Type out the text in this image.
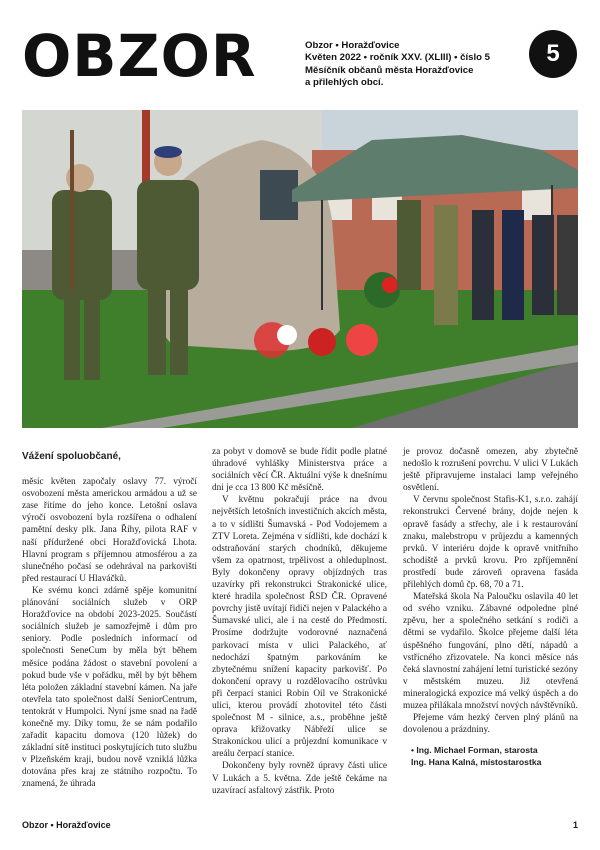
OBZOR	Obzor • Horažďovice
Květen 2022 • ročník XXV. (XLIII) • číslo 5
Měsíčník občanů města Horažďovice
a přilehlých obcí.
5

Vážení spoluobčané,

měsíc květen započaly oslavy 77. výročí osvobození města americkou armádou a už se zase řítíme do jeho konce. Letošní oslava výročí osvobození byla rozšířena o odhalení pamětní desky plk. Jana Říhy, pilota RAF v naší příduržené obci Horažďovická Lhota. Hlavní program s příjemnou atmosférou a za slunečného počasí se odehrával na parkovišti před restaurací U Hlaváčků.

Ke svému konci zdárně spěje komunitní plánování sociálních služeb v ORP Horažďovice na období 2023-2025. Součástí sociálních služeb je samozřejmě i dům pro seniory. Podle posledních informací od společnosti SeneCum by měla být během měsíce podána žádost o stavební povolení a pokud bude vše v pořádku, měl by být během léta položen základní stavební kámen. Na jaře otevřela tato společnost další SeniorCentrum, tentokrát v Humpolci. Nyní jsme snad na řadě konečně my. Díky tomu, že se nám podařilo zařadit kapacitu domova (120 lůžek) do základní sítě instituci poskytujících tuto službu v Plzeňském kraji, budou nově vzniklá lůžka dotována přes kraj ze státního rozpočtu. To znamená, že úhrada

za pobyt v domově se bude řídit podle platné úhradové vyhlášky Ministerstva práce a sociálních věcí ČR. Aktuální výše k dnešnímu dni je cca 13 800 Kč měsíčně.

V květnu pokračují práce na dvou největších letošních investičních akcích města, a to v sídlišti Šumavská - Pod Vodojemem a ZTV Loreta. Zejména v sídlišti, kde dochází k odstraňování starých chodníků, děkujeme všem za opatrnost, trpělivost a ohleduplnost. Byly dokončeny opravy objízdných tras uzavírky při rekonstrukci Strakonické ulice, které hradila společnost ŘSD ČR. Opravené povrchy jistě uvítají řidiči nejen v Palackého a Šumavské ulici, ale i na cestě do Předmostí. Prosíme dodržujte vodorovné naznačená parkovací místa v ulici Palackého, ať nedochází špatným parkováním ke zbytečnému snížení kapacity parkovišť. Po dokončení opravy u rozdělovacího ostrůvku při čerpací stanici Robin Oil ve Strakonické ulici, kterou provádí zhotovitel této části společnost M - silnice, a.s., proběhne ještě oprava křižovatky Nábřeží ulice se Strakonickou ulicí a průjezdní komunikace v areálu čerpací stanice.

Dokončeny byly rovněž úpravy části ulice V Lukách a 5. května. Zde ještě čekáme na uzavírací asfaltový zástřik. Proto

je provoz dočasně omezen, aby zbytečně nedošlo k rozrušení povrchu. V ulici V Lukách ještě připravujeme instalaci lamp veřejného osvětlení.

V červnu společnost Stafis-K1, s.r.o. zahájí rekonstrukci Červené brány, dojde nejen k opravě fasády a střechy, ale i k restaurování znaku, malebstropu v průjezdu a kamenných prvků. V interiéru dojde k opravě vnitřního schodiště a prvků krovu. Pro zpříjemnění prostředí bude zároveň opravena fasáda přilehlých domů čp. 68, 70 a 71.

Mateřská škola Na Paloučku oslavila 40 let od svého vzniku. Zábavné odpoledne plné zpěvu, her a společného setkání s rodiči a dětmi se vydařilo. Školce přejeme další léta úspěšného fungování, plno dětí, nápadů a vstřícného zřizovatele. Na konci měsíce nás čeká slavnostní zahájení letní turistické sezóny v městském muzeu. Již otevřená mineralogická expozice má velký úspěch a do muzea přilákala množství nových návštěvníků.

Přejeme vám hezký červen plný plánů na dovolenou a prázdniny.

• Ing. Michael Forman, starosta
Ing. Hana Kalná, místostarostka
Obzor • Horažďovice	1
